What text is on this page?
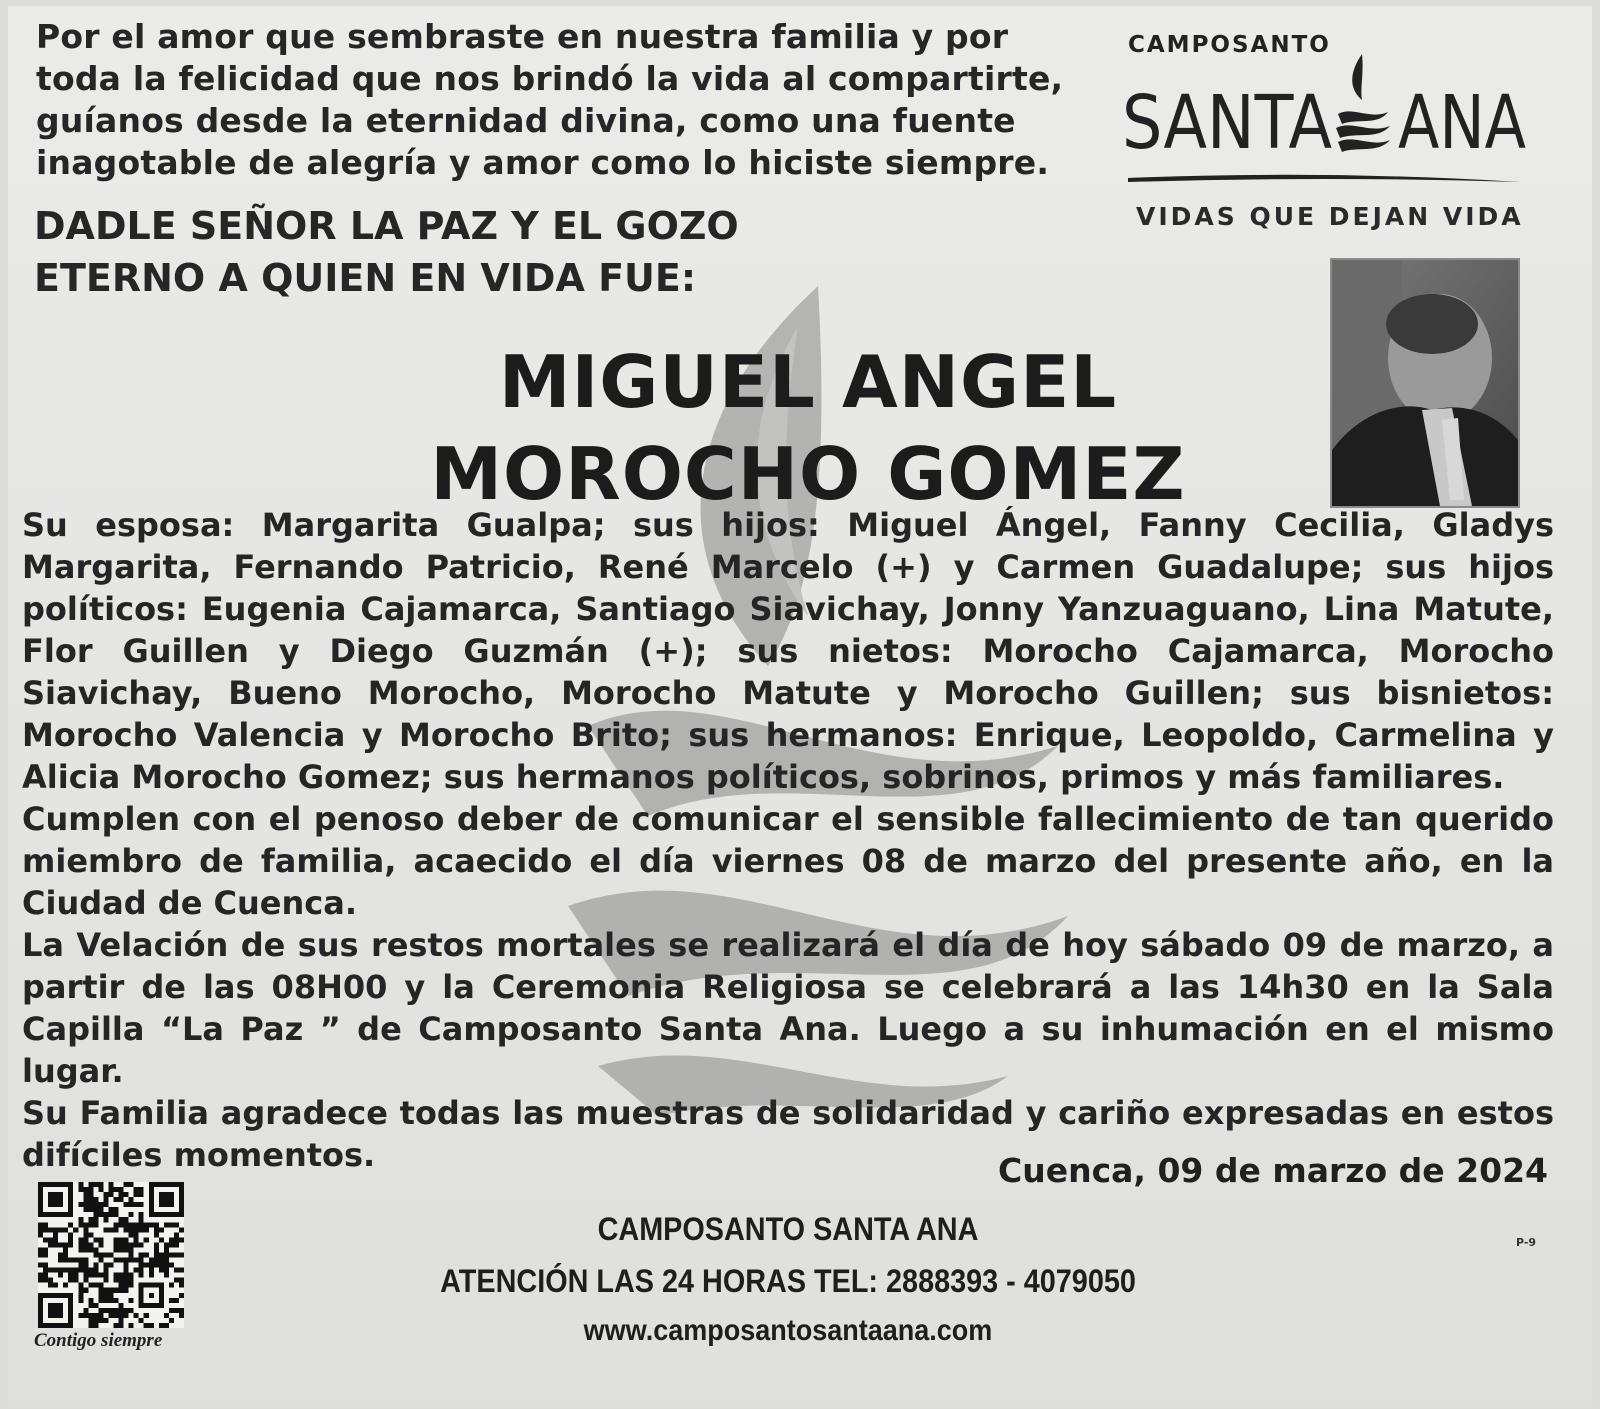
Por el amor que sembraste en nuestra familia y por toda la felicidad que nos brindó la vida al compartirte, guíanos desde la eternidad divina, como una fuente inagotable de alegría y amor como lo hiciste siempre.
DADLE SEÑOR LA PAZ Y EL GOZO
ETERNO A QUIEN EN VIDA FUE:
MIGUEL ANGEL
MOROCHO GOMEZ
CAMPOSANTO
SANTA ANA
VIDAS QUE DEJAN VIDA

Su esposa: Margarita Gualpa; sus hijos: Miguel Ángel, Fanny Cecilia, Gladys Margarita, Fernando Patricio, René Marcelo (+) y Carmen Guadalupe; sus hijos políticos: Eugenia Cajamarca, Santiago Siavichay, Jonny Yanzuaguano, Lina Matute, Flor Guillen y Diego Guzmán (+); sus nietos: Morocho Cajamarca, Morocho Siavichay, Bueno Morocho, Morocho Matute y Morocho Guillen; sus bisnietos: Morocho Valencia y Morocho Brito; sus hermanos: Enrique, Leopoldo, Carmelina y Alicia Morocho Gomez; sus hermanos políticos, sobrinos, primos y más familiares.

Cumplen con el penoso deber de comunicar el sensible fallecimiento de tan querido miembro de familia, acaecido el día viernes 08 de marzo del presente año, en la Ciudad de Cuenca.

La Velación de sus restos mortales se realizará el día de hoy sábado 09 de marzo, a partir de las 08H00 y la Ceremonia Religiosa se celebrará a las 14h30 en la Sala Capilla “La Paz ” de Camposanto Santa Ana. Luego a su inhumación en el mismo lugar.

Su Familia agradece todas las muestras de solidaridad y cariño expresadas en estos difíciles momentos.	Cuenca, 09 de marzo de 2024
CAMPOSANTO SANTA ANA
ATENCIÓN LAS 24 HORAS TEL: 2888393 - 4079050
www.camposantosantaana.com
Contigo siempre
P-9
